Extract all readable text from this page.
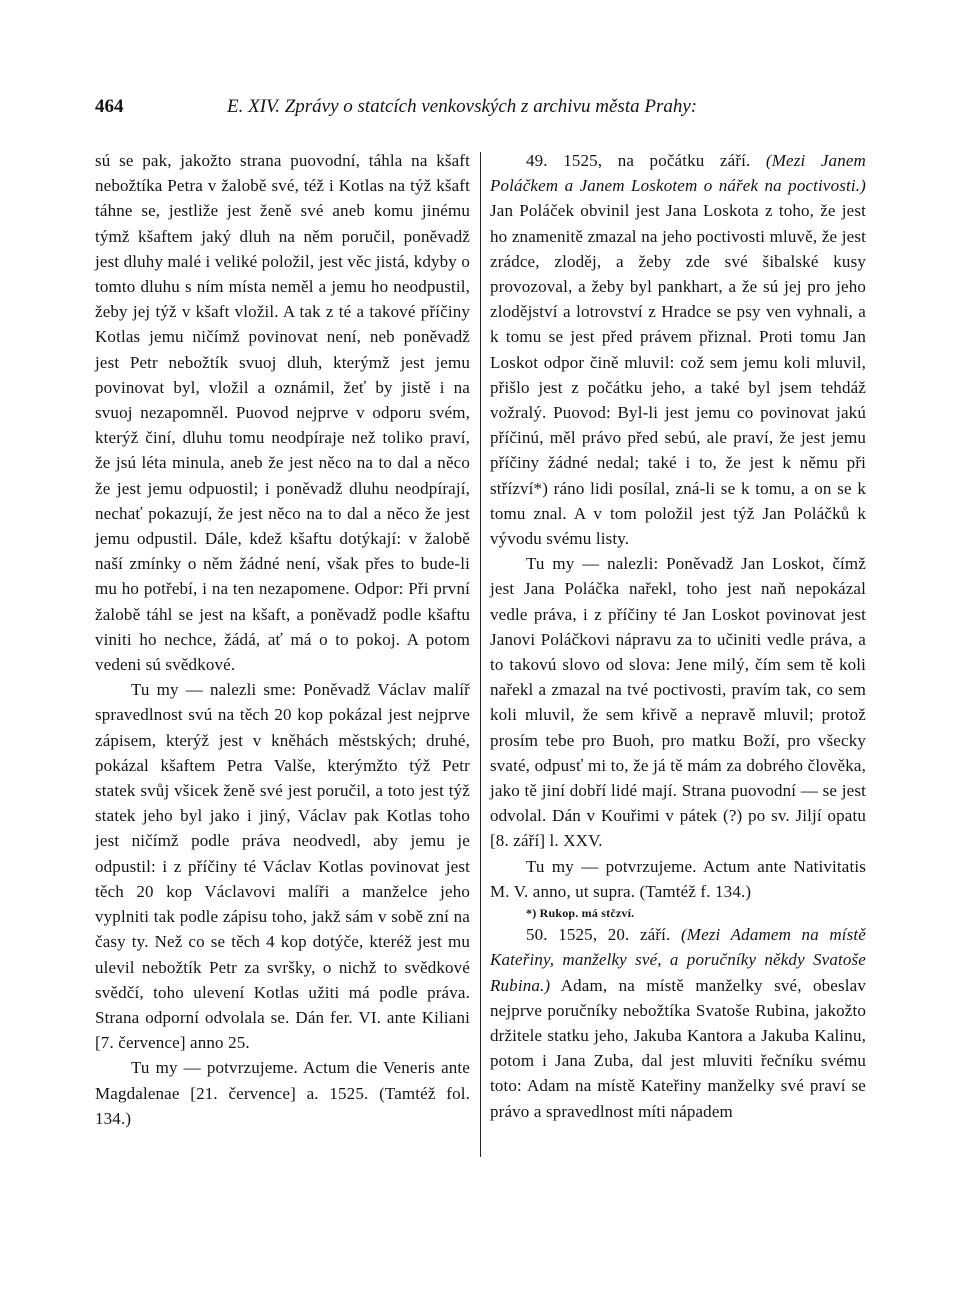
464	E. XIV. Zprávy o statcích venkovských z archivu města Prahy:

sú se pak, jakožto strana puovodní, táhla na kšaft nebožtíka Petra v žalobě své, též i Kotlas na týž kšaft táhne se, jestliže jest ženě své aneb komu jinému týmž kšaftem jaký dluh na něm poručil, poněvadž jest dluhy malé i veliké položil, jest věc jistá, kdyby o tomto dluhu s ním místa neměl a jemu ho neodpustil, žeby jej týž v kšaft vložil. A tak z té a takové příčiny Kotlas jemu ničímž povinovat není, neb poněvadž jest Petr nebožtík svuoj dluh, kterýmž jest jemu povinovat byl, vložil a oznámil, žeť by jistě i na svuoj nezapomněl. Puovod nejprve v odporu svém, kterýž činí, dluhu tomu neodpíraje než toliko praví, že jsú léta minula, aneb že jest něco na to dal a něco že jest jemu odpuostil; i poněvadž dluhu neodpírají, nechať pokazují, že jest něco na to dal a něco že jest jemu odpustil. Dále, kdež kšaftu dotýkají: v žalobě naší zmínky o něm žádné není, však přes to bude-li mu ho potřebí, i na ten nezapomene. Odpor: Při první žalobě táhl se jest na kšaft, a poněvadž podle kšaftu viniti ho nechce, žádá, ať má o to pokoj. A potom vedeni sú svědkové.

Tu my — nalezli sme: Poněvadž Václav malíř spravedlnost svú na těch 20 kop pokázal jest nejprve zápisem, kterýž jest v kněhách městských; druhé, pokázal kšaftem Petra Valše, kterýmžto týž Petr statek svůj všicek ženě své jest poručil, a toto jest týž statek jeho byl jako i jiný, Václav pak Kotlas toho jest ničímž podle práva neodvedl, aby jemu je odpustil: i z příčiny té Václav Kotlas povinovat jest těch 20 kop Václavovi malíři a manželce jeho vyplniti tak podle zápisu toho, jakž sám v sobě zní na časy ty. Než co se těch 4 kop dotýče, kteréž jest mu ulevil nebožtík Petr za svršky, o nichž to svědkové svědčí, toho ulevení Kotlas užiti má podle práva. Strana odporní odvolala se. Dán fer. VI. ante Kiliani [7. července] anno 25.

Tu my — potvrzujeme. Actum die Veneris ante Magdalenae [21. července] a. 1525. (Tamtéž fol. 134.)

49. 1525, na počátku září. (Mezi Janem Poláčkem a Janem Loskotem o nářek na poctivosti.) Jan Poláček obvinil jest Jana Loskota z toho, že jest ho znamenitě zmazal na jeho poctivosti mluvě, že jest zrádce, zloděj, a žeby zde své šibalské kusy provozoval, a žeby byl pankhart, a že sú jej pro jeho zlodějství a lotrovství z Hradce se psy ven vyhnali, a k tomu se jest před právem přiznal. Proti tomu Jan Loskot odpor čině mluvil: což sem jemu koli mluvil, přišlo jest z počátku jeho, a také byl jsem tehdáž vožralý. Puovod: Byl-li jest jemu co povinovat jakú příčinú, měl právo před sebú, ale praví, že jest jemu příčiny žádné nedal; také i to, že jest k němu při střízví*) ráno lidi posílal, zná-li se k tomu, a on se k tomu znal. A v tom položil jest týž Jan Poláčků k vývodu svému listy.

Tu my — nalezli: Poněvadž Jan Loskot, čímž jest Jana Poláčka nařekl, toho jest naň nepokázal vedle práva, i z příčiny té Jan Loskot povinovat jest Janovi Poláčkovi nápravu za to učiniti vedle práva, a to takovú slovo od slova: Jene milý, čím sem tě koli nařekl a zmazal na tvé poctivosti, pravím tak, co sem koli mluvil, že sem křivě a nepravě mluvil; protož prosím tebe pro Buoh, pro matku Boží, pro všecky svaté, odpusť mi to, že já tě mám za dobrého člověka, jako tě jiní dobří lidé mají. Strana puovodní — se jest odvolal. Dán v Kouřimi v pátek (?) po sv. Jiljí opatu [8. září] l. XXV.

Tu my — potvrzujeme. Actum ante Nativitatis M. V. anno, ut supra. (Tamtéž f. 134.)

*) Rukop. má stčzví.

50. 1525, 20. září. (Mezi Adamem na místě Kateřiny, manželky své, a poručníky někdy Svatoše Rubina.) Adam, na místě manželky své, obeslav nejprve poručníky nebožtíka Svatoše Rubina, jakožto držitele statku jeho, Jakuba Kantora a Jakuba Kalinu, potom i Jana Zuba, dal jest mluviti řečníku svému toto: Adam na místě Kateřiny manželky své praví se právo a spravedlnost míti nápadem
